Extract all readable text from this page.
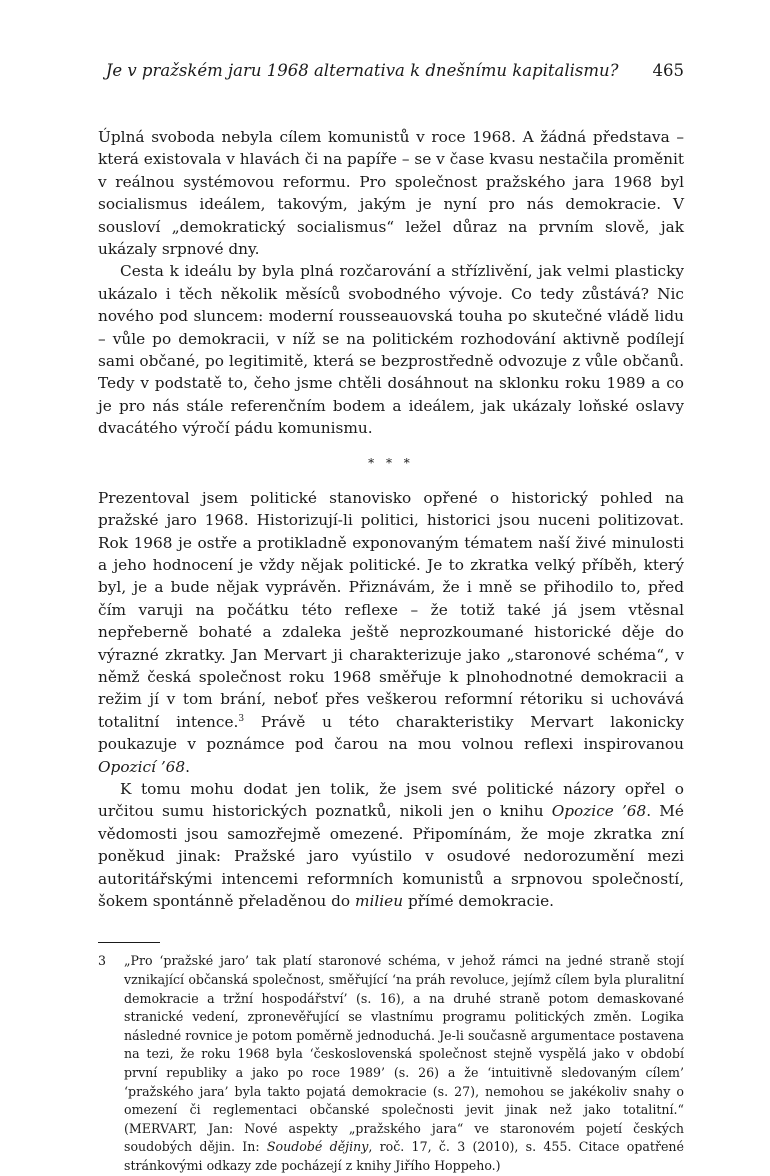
Je v pražském jaru 1968 alternativa k dnešnímu kapitalismu? 465

Úplná svoboda nebyla cílem komunistů v roce 1968. A žádná představa – která existovala v hlavách či na papíře – se v čase kvasu nestačila proměnit v reálnou systémovou reformu. Pro společnost pražského jara 1968 byl socialismus ideálem, takovým, jakým je nyní pro nás demokracie. V sousloví „demokratický socialismus“ ležel důraz na prvním slově, jak ukázaly srpnové dny.

Cesta k ideálu by byla plná rozčarování a střízlivění, jak velmi plasticky ukázalo i těch několik měsíců svobodného vývoje. Co tedy zůstává? Nic nového pod sluncem: moderní rousseauovská touha po skutečné vládě lidu – vůle po demokracii, v níž se na politickém rozhodování aktivně podílejí sami občané, po legitimitě, která se bezprostředně odvozuje z vůle občanů. Tedy v podstatě to, čeho jsme chtěli dosáhnout na sklonku roku 1989 a co je pro nás stále referenčním bodem a ideálem, jak ukázaly loňské oslavy dvacátého výročí pádu komunismu.

* * *

Prezentoval jsem politické stanovisko opřené o historický pohled na pražské jaro 1968. Historizují-li politici, historici jsou nuceni politizovat. Rok 1968 je ostře a protikladně exponovaným tématem naší živé minulosti a jeho hodnocení je vždy nějak politické. Je to zkratka velký příběh, který byl, je a bude nějak vyprávěn. Přiznávám, že i mně se přihodilo to, před čím varuji na počátku této reflexe – že totiž také já jsem vtěsnal nepřeberně bohaté a zdaleka ještě neprozkoumané historické děje do výrazné zkratky. Jan Mervart ji charakterizuje jako „staronové schéma“, v němž česká společnost roku 1968 směřuje k plnohodnotné demokracii a režim jí v tom brání, neboť přes veškerou reformní rétoriku si uchovává totalitní intence.$^3$ Právě u této charakteristiky Mervart lakonicky poukazuje v poznámce pod čarou na mou volnou reflexi inspirovanou Opozicí ’68.

K tomu mohu dodat jen tolik, že jsem své politické názory opřel o určitou sumu historických poznatků, nikoli jen o knihu Opozice ’68. Mé vědomosti jsou samozřejmě omezené. Připomínám, že moje zkratka zní poněkud jinak: Pražské jaro vyústilo v osudové nedorozumění mezi autoritářskými intencemi reformních komunistů a srpnovou společností, šokem spontánně přeladěnou do milieu přímé demokracie.

3 „Pro ‘pražské jaro’ tak platí staronové schéma, v jehož rámci na jedné straně stojí vznikající občanská společnost, směřující ‘na práh revoluce, jejímž cílem byla pluralitní demokracie a tržní hospodářství’ (s. 16), a na druhé straně potom demaskované stranické vedení, zpronevěřující se vlastnímu programu politických změn. Logika následné rovnice je potom poměrně jednoduchá. Je-li současně argumentace postavena na tezi, že roku 1968 byla ‘československá společnost stejně vyspělá jako v období první republiky a jako po roce 1989’ (s. 26) a že ‘intuitivně sledovaným cílem’ ‘pražského jara’ byla takto pojatá demokracie (s. 27), nemohou se jakékoliv snahy o omezení či reglementaci občanské společnosti jevit jinak než jako totalitní.“ (MERVART, Jan: Nové aspekty „pražského jara“ ve staronovém pojetí českých soudobých dějin. In: Soudobé dějiny, roč. 17, č. 3 (2010), s. 455. Citace opatřené stránkovými odkazy zde pocházejí z knihy Jiřího Hoppeho.)
